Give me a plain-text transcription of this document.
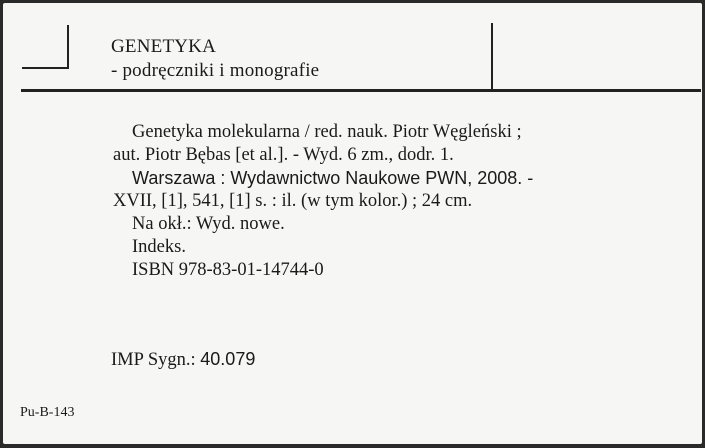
GENETYKA
- podręczniki i monografie
Genetyka molekularna / red. nauk. Piotr Węgleński ;
aut. Piotr Bębas [et al.]. - Wyd. 6 zm., dodr. 1.
Warszawa : Wydawnictwo Naukowe PWN, 2008. -
XVII, [1], 541, [1] s. : il. (w tym kolor.) ; 24 cm.
Na okł.: Wyd. nowe.
Indeks.
ISBN 978-83-01-14744-0
IMP Sygn.: 40.079
Pu-B-143
